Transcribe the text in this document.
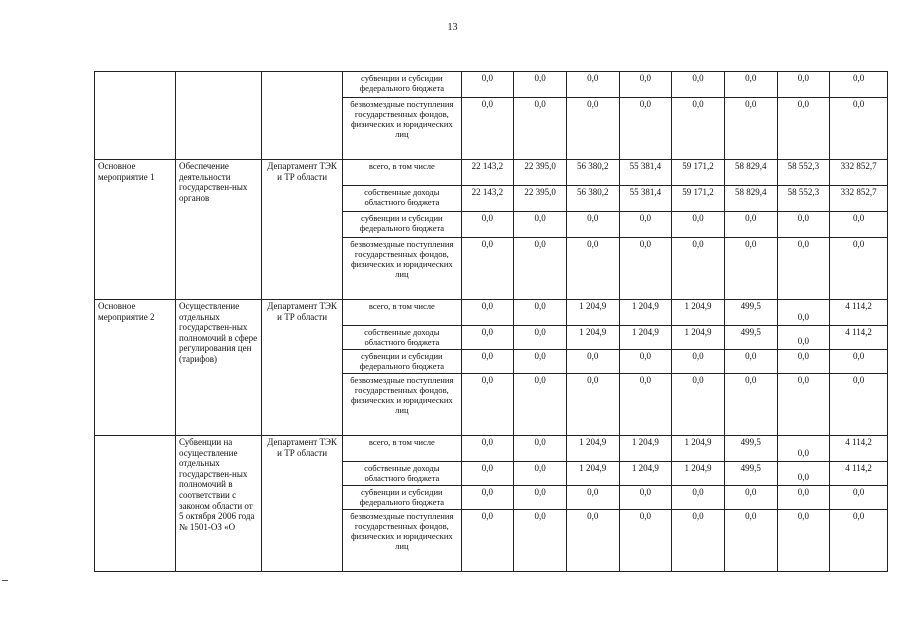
13
			субвенции и субсидии федерального бюджета	0,0	0,0	0,0	0,0	0,0	0,0	0,0	0,0
			безвозмездные поступления государственных фондов, физических и юридических лиц	0,0	0,0	0,0	0,0	0,0	0,0	0,0	0,0
Основное мероприятие 1	Обеспечение деятельности государствен-ных органов	Департамент ТЭК и ТР области	всего, в том числе	22 143,2	22 395,0	56 380,2	55 381,4	59 171,2	58 829,4	58 552,3	332 852,7
			собственные доходы областного бюджета	22 143,2	22 395,0	56 380,2	55 381,4	59 171,2	58 829,4	58 552,3	332 852,7
			субвенции и субсидии федерального бюджета	0,0	0,0	0,0	0,0	0,0	0,0	0,0	0,0
			безвозмездные поступления государственных фондов, физических и юридических лиц	0,0	0,0	0,0	0,0	0,0	0,0	0,0	0,0
Основное мероприятие 2	Осуществление отдельных государствен-ных полномочий в сфере регулирования цен (тарифов)	Департамент ТЭК и ТР области	всего, в том числе	0,0	0,0	1 204,9	1 204,9	1 204,9	499,5	0,0	4 114,2
			собственные доходы областного бюджета	0,0	0,0	1 204,9	1 204,9	1 204,9	499,5	0,0	4 114,2
			субвенции и субсидии федерального бюджета	0,0	0,0	0,0	0,0	0,0	0,0	0,0	0,0
			безвозмездные поступления государственных фондов, физических и юридических лиц	0,0	0,0	0,0	0,0	0,0	0,0	0,0	0,0
	Субвенции на осуществление отдельных государствен-ных полномочий в соответствии с законом области от 5 октября 2006 года № 1501-ОЗ «О	Департамент ТЭК и ТР области	всего, в том числе	0,0	0,0	1 204,9	1 204,9	1 204,9	499,5	0,0	4 114,2
			собственные доходы областного бюджета	0,0	0,0	1 204,9	1 204,9	1 204,9	499,5	0,0	4 114,2
			субвенции и субсидии федерального бюджета	0,0	0,0	0,0	0,0	0,0	0,0	0,0	0,0
			безвозмездные поступления государственных фондов, физических и юридических лиц	0,0	0,0	0,0	0,0	0,0	0,0	0,0	0,0
